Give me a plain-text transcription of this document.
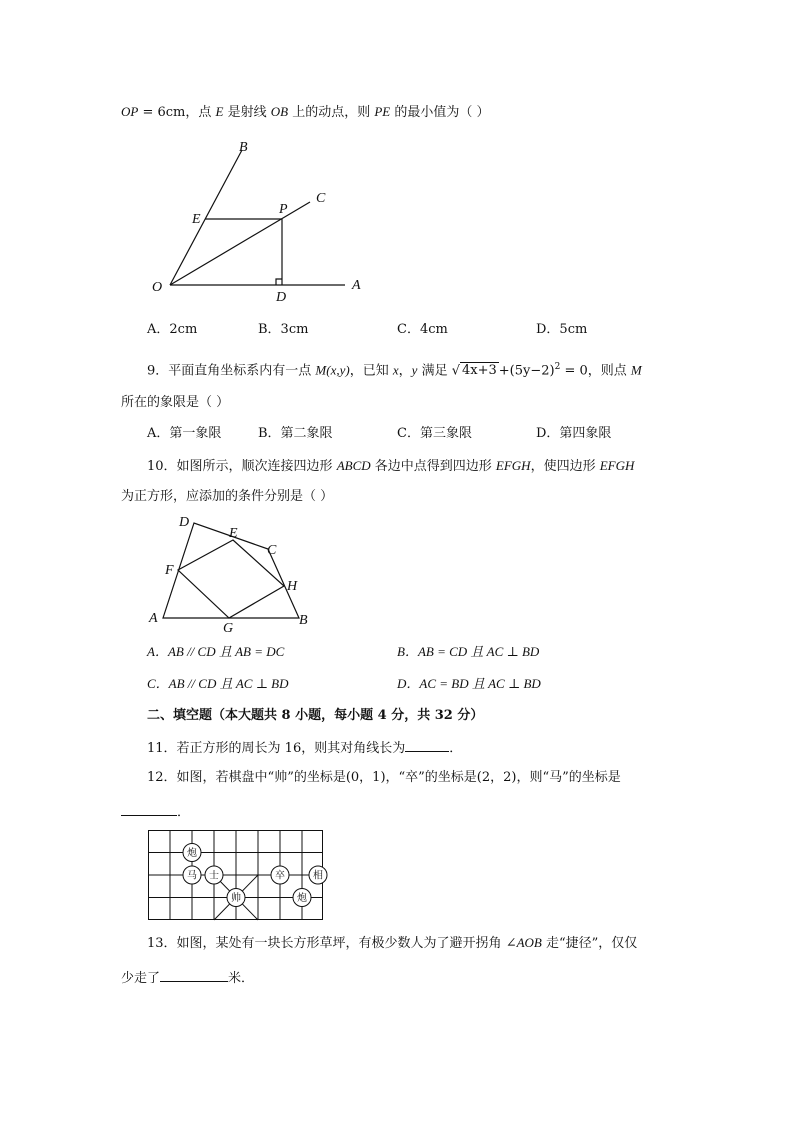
OP = 6cm，点 E 是射线 OB 上的动点，则 PE 的最小值为（ ）
B
C
E
P
O
D
A
A．2cm	B．3cm	C．4cm	D．5cm
9．平面直角坐标系内有一点 M(x,y)，已知 x，y 满足 √ $4x+3 +(5y-2)^2 = 0$，则点 M
所在的象限是（ ）
A．第一象限	B．第二象限	C．第三象限	D．第四象限
10．如图所示，顺次连接四边形 ABCD 各边中点得到四边形 EFGH，使四边形 EFGH
为正方形，应添加的条件分别是（ ）
D
E
C
F
H
A
G
B
A．AB // CD 且 AB = DC	B．AB = CD 且 AC ⊥ BD
C．AB // CD 且 AC ⊥ BD	D．AC = BD 且 AC ⊥ BD
二、填空题（本大题共 8 小题，每小题 4 分，共 32 分）
11．若正方形的周长为 16，则其对角线长为	．
12．如图，若棋盘中“帅”的坐标是(0，1)，“卒”的坐标是(2，2)，则“马”的坐标是
．
炮
马 士	卒	相
帅	炮
13．如图，某处有一块长方形草坪，有极少数人为了避开拐角 ∠AOB 走“捷径”，仅仅
少走了	米．
